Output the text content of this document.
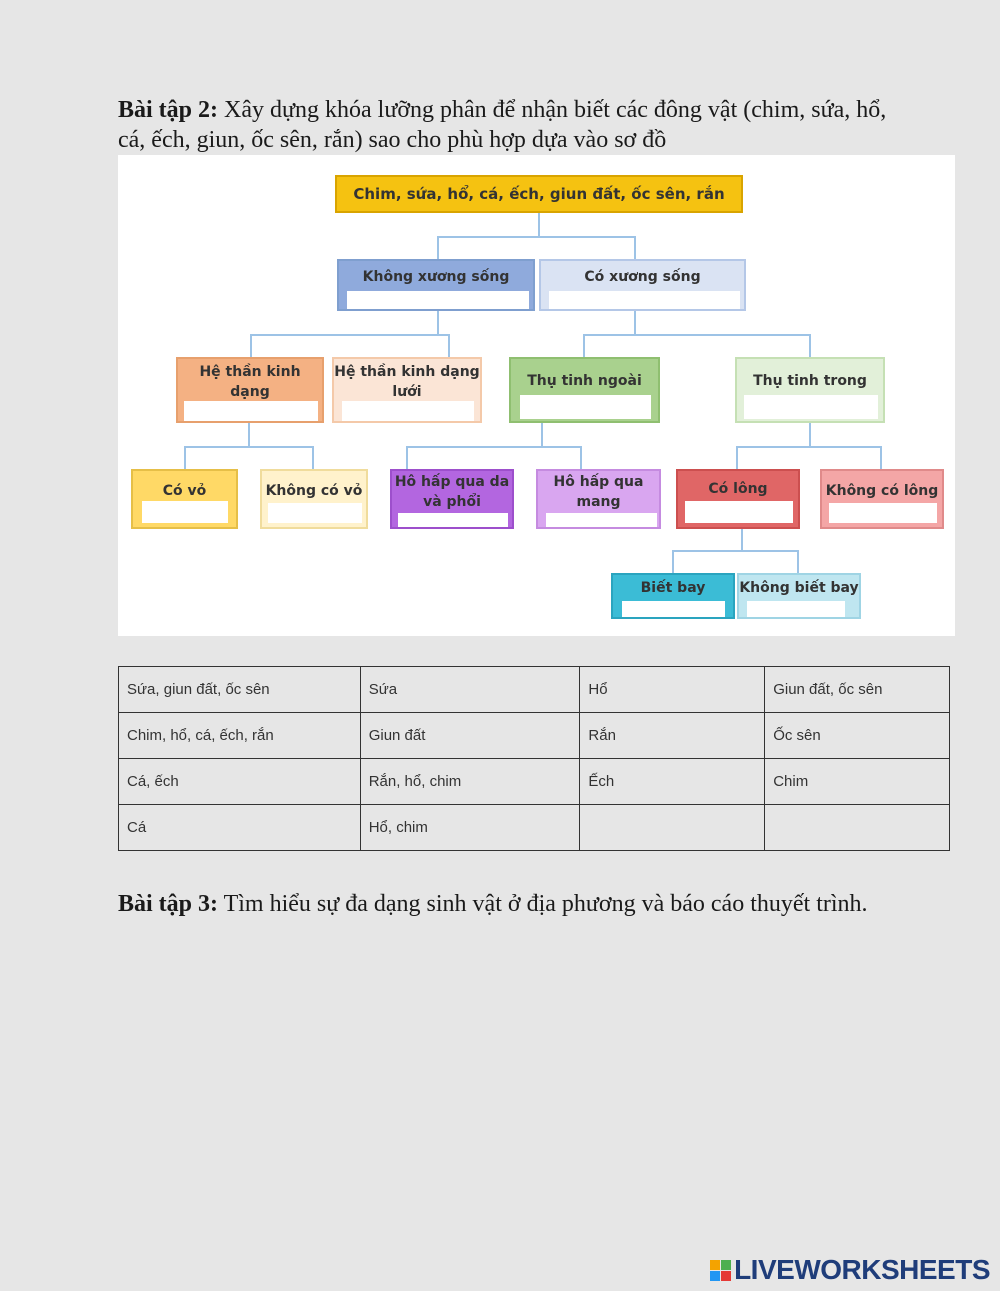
Bài tập 2: Xây dựng khóa lưỡng phân để nhận biết các đông vật (chim, sứa, hổ,
cá, ếch, giun, ốc sên, rắn) sao cho phù hợp dựa vào sơ đồ
Chim, sứa, hổ, cá, ếch, giun đất, ốc sên, rắn
Không xương sống	Có xương sống
Hệ thần kinh dạng

Hệ thần kinh dạng
lưới
Thụ tinh ngoài	Thụ tinh trong
Có vỏ	Không có vỏ
Hô hấp qua da
và phổi
Hô hấp qua
mang
Có lông	Không có lông
Biết bay	Không biết bay
Sứa, giun đất, ốc sên	Sứa	Hổ	Giun đất, ốc sên
Chim, hổ, cá, ếch, rắn	Giun đất	Rắn	Ốc sên
Cá, ếch	Rắn, hổ, chim	Ếch	Chim
Cá	Hổ, chim		
Bài tập 3: Tìm hiểu sự đa dạng sinh vật ở địa phương và báo cáo thuyết trình.
LIVEWORKSHEETS
